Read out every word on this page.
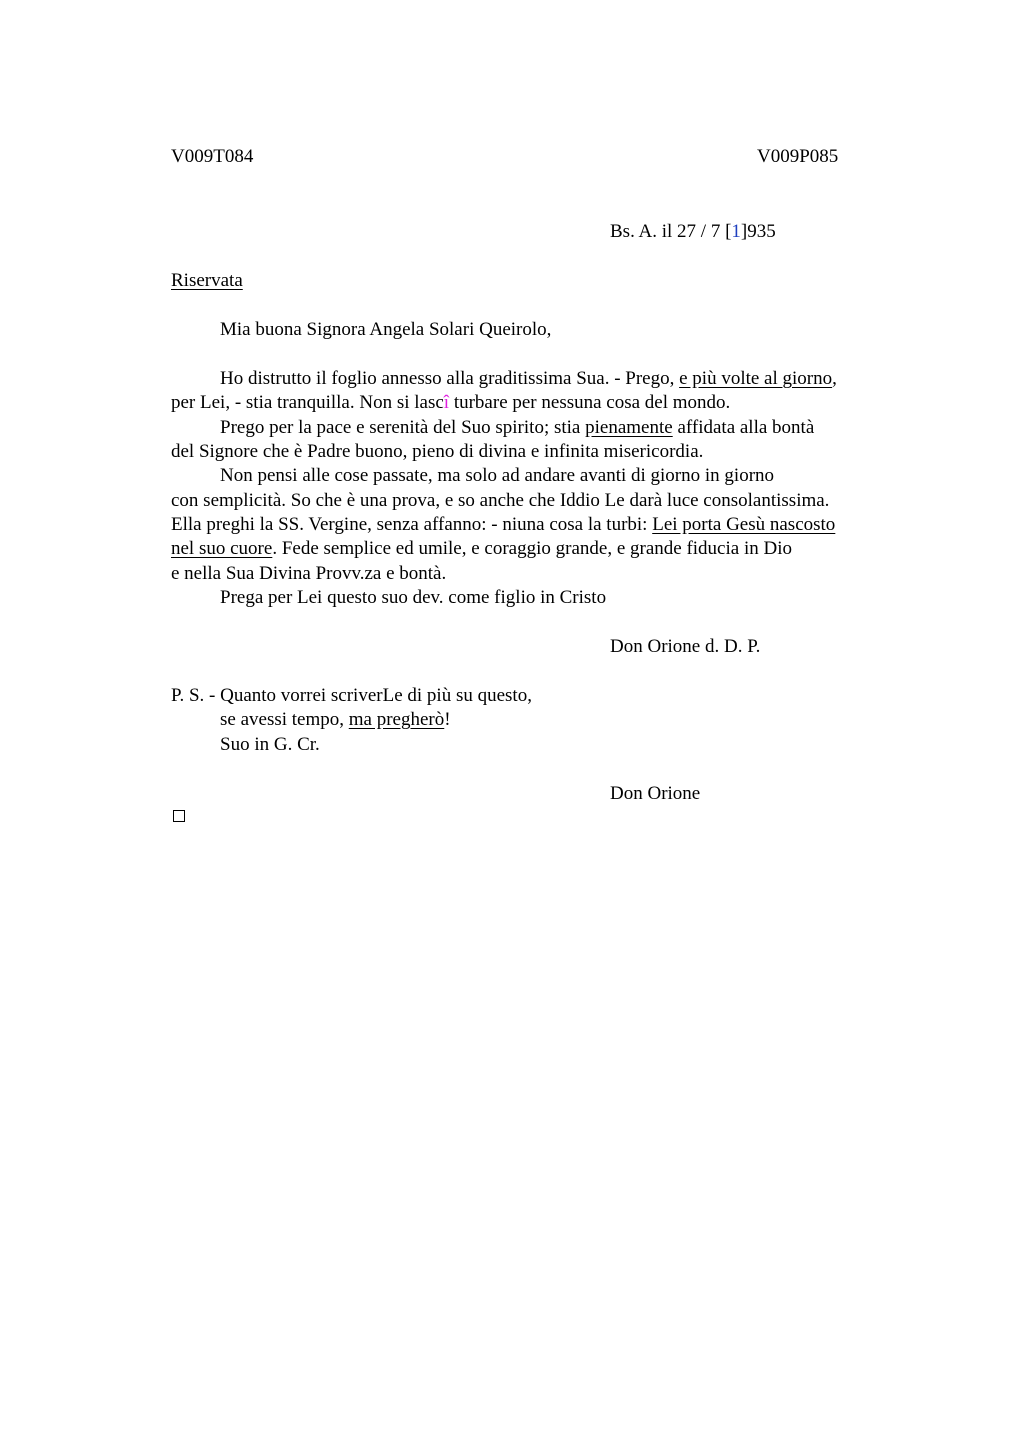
V009T084	V009P085
Bs. A. il 27 / 7 [1]935
Riservata
Mia buona Signora Angela Solari Queirolo,
Ho distrutto il foglio annesso alla graditissima Sua. - Prego, e più volte al giorno,
per Lei, - stia tranquilla. Non si lascî turbare per nessuna cosa del mondo.
Prego per la pace e serenità del Suo spirito; stia pienamente affidata alla bontà
del Signore che è Padre buono, pieno di divina e infinita misericordia.
Non pensi alle cose passate, ma solo ad andare avanti di giorno in giorno
con semplicità. So che è una prova, e so anche che Iddio Le darà luce consolantissima.
Ella preghi la SS. Vergine, senza affanno: - niuna cosa la turbi: Lei porta Gesù nascosto
nel suo cuore. Fede semplice ed umile, e coraggio grande, e grande fiducia in Dio
e nella Sua Divina Provv.za e bontà.
Prega per Lei questo suo dev. come figlio in Cristo
Don Orione d. D. P.
P. S. - Quanto vorrei scriverLe di più su questo,
se avessi tempo, ma pregherò!
Suo in G. Cr.
Don Orione
